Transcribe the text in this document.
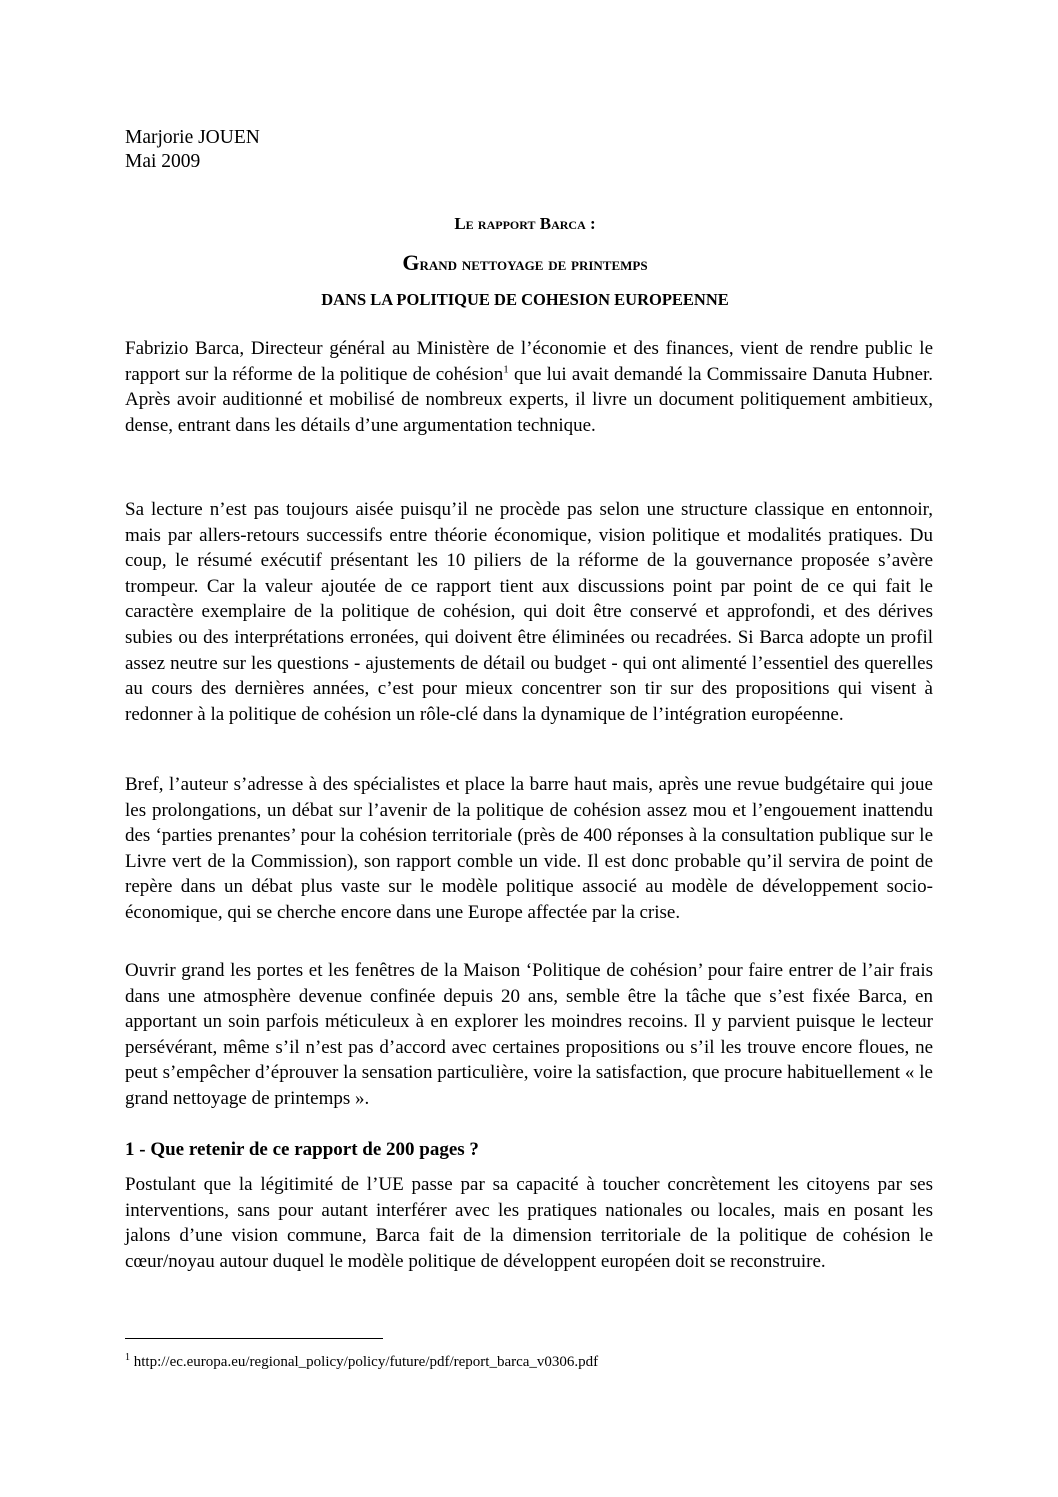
Marjorie JOUEN
Mai 2009
Le rapport Barca :
Grand nettoyage de printemps
DANS LA POLITIQUE DE COHESION EUROPEENNE

Fabrizio Barca, Directeur général au Ministère de l’économie et des finances, vient de rendre public le rapport sur la réforme de la politique de cohésion$^1$ que lui avait demandé la Commissaire Danuta Hubner. Après avoir auditionné et mobilisé de nombreux experts, il livre un document politiquement ambitieux, dense, entrant dans les détails d’une argumentation technique.

Sa lecture n’est pas toujours aisée puisqu’il ne procède pas selon une structure classique en entonnoir, mais par allers-retours successifs entre théorie économique, vision politique et modalités pratiques. Du coup, le résumé exécutif présentant les 10 piliers de la réforme de la gouvernance proposée s’avère trompeur. Car la valeur ajoutée de ce rapport tient aux discussions point par point de ce qui fait le caractère exemplaire de la politique de cohésion, qui doit être conservé et approfondi, et des dérives subies ou des interprétations erronées, qui doivent être éliminées ou recadrées. Si Barca adopte un profil assez neutre sur les questions - ajustements de détail ou budget - qui ont alimenté l’essentiel des querelles au cours des dernières années, c’est pour mieux concentrer son tir sur des propositions qui visent à redonner à la politique de cohésion un rôle-clé dans la dynamique de l’intégration européenne.

Bref, l’auteur s’adresse à des spécialistes et place la barre haut mais, après une revue budgétaire qui joue les prolongations, un débat sur l’avenir de la politique de cohésion assez mou et l’engouement inattendu des ‘parties prenantes’ pour la cohésion territoriale (près de 400 réponses à la consultation publique sur le Livre vert de la Commission), son rapport comble un vide. Il est donc probable qu’il servira de point de repère dans un débat plus vaste sur le modèle politique associé au modèle de développement socio-économique, qui se cherche encore dans une Europe affectée par la crise.

Ouvrir grand les portes et les fenêtres de la Maison ‘Politique de cohésion’ pour faire entrer de l’air frais dans une atmosphère devenue confinée depuis 20 ans, semble être la tâche que s’est fixée Barca, en apportant un soin parfois méticuleux à en explorer les moindres recoins. Il y parvient puisque le lecteur persévérant, même s’il n’est pas d’accord avec certaines propositions ou s’il les trouve encore floues, ne peut s’empêcher d’éprouver la sensation particulière, voire la satisfaction, que procure habituellement « le grand nettoyage de printemps ».

1 - Que retenir de ce rapport de 200 pages ?

Postulant que la légitimité de l’UE passe par sa capacité à toucher concrètement les citoyens par ses interventions, sans pour autant interférer avec les pratiques nationales ou locales, mais en posant les jalons d’une vision commune, Barca fait de la dimension territoriale de la politique de cohésion le cœur/noyau autour duquel le modèle politique de développent européen doit se reconstruire.

$^1$ http://ec.europa.eu/regional_policy/policy/future/pdf/report_barca_v0306.pdf
